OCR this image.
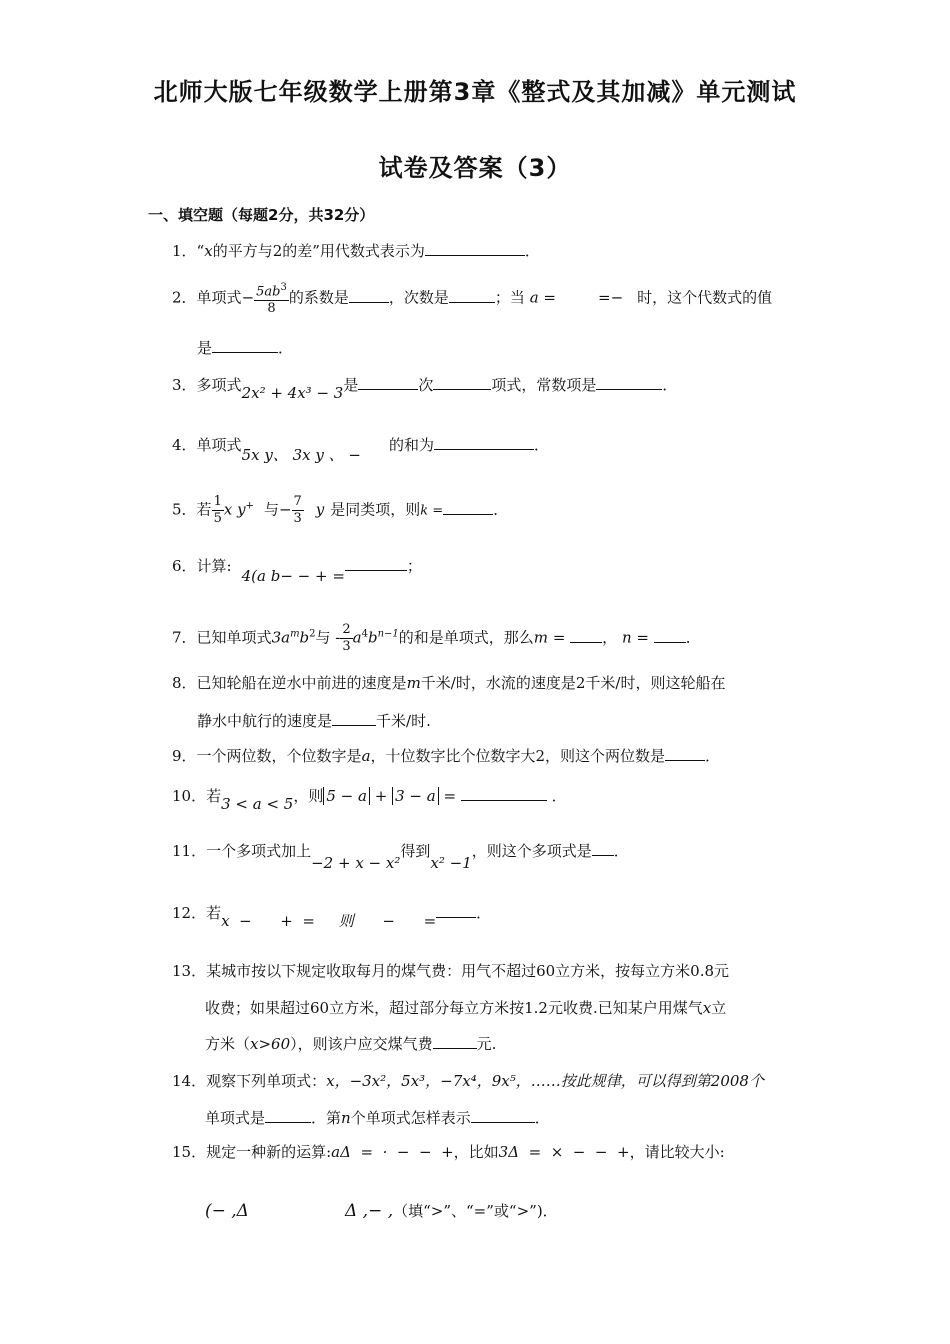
北师大版七年级数学上册第3章《整式及其加减》单元测试
试卷及答案（3）
一、填空题（每题2分，共32分）
1．“x的平方与2的差”用代数式表示为	．
2．单项式− $\frac{5ab^3}{8}$ 的系数是	，次数是	；当 a =	=− 时，这个代数式的值
是	．
3．多项式2x² + 4x³ − 3是	次	项式，常数项是	．
4．单项式5x y、 3x y 、 −的和为	．
5．若 $\frac{1}{5}$ x y+ 与− $\frac{7}{3}$ y 是同类项，则k =	．
6．计算:4(a b− − + =；
7．已知单项式$3a^mb^2$与 - $\frac{2}{3} a^4b^{n-1}$的和是单项式，那么m = ， n = ．
8．已知轮船在逆水中前进的速度是m千米/时，水流的速度是2千米/时，则这轮船在
静水中航行的速度是	千米/时.
9．一个两位数，个位数字是a，十位数字比个位数字大2，则这个两位数是	．
10．若3 < a < 5，则 5 − a + 3 − a =	．
11．一个多项式加上−2 + x − x²得到x² −1，则这个多项式是 ．
12．若x  −      +  =     则      −      =	．
13．某城市按以下规定收取每月的煤气费：用气不超过60立方米，按每立方米0.8元
收费；如果超过60立方米，超过部分每立方米按1.2元收费.已知某户用煤气x立
方米（x>60），则该户应交煤气费	元.
14．观察下列单项式：x，−3x²，5x³，−7x⁴，9x⁵，……按此规律，可以得到第2008个
单项式是	．第n个单项式怎样表示	．
15．规定一种新的运算:aΔ  =  ·  −  −  +，比如3Δ  =  ×  −  −  +，请比较大小:
(− ,Δ	Δ ,− ,（填“>”、“=”或“>”)．
